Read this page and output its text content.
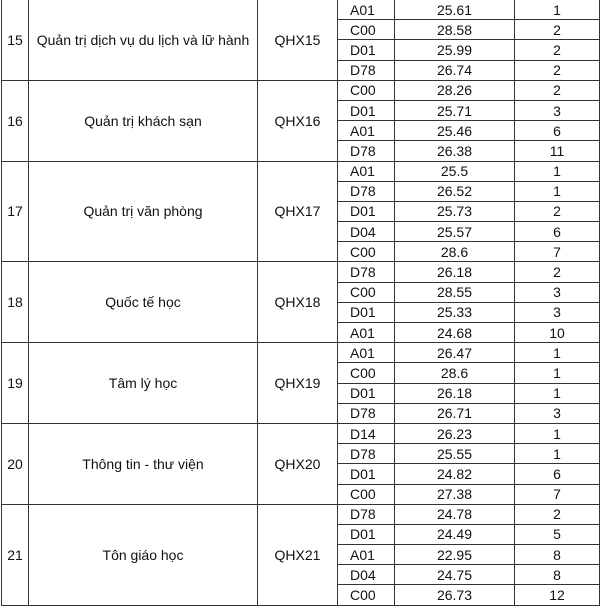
15	Quản trị dịch vụ du lịch và lữ hành	QHX15	A01	25.61	1
			C00	28.58	2
			D01	25.99	2
			D78	26.74	2
16	Quản trị khách sạn	QHX16	C00	28.26	2
			D01	25.71	3
			A01	25.46	6
			D78	26.38	11
17	Quản trị văn phòng	QHX17	A01	25.5	1
			D78	26.52	1
			D01	25.73	2
			D04	25.57	6
			C00	28.6	7
18	Quốc tế học	QHX18	D78	26.18	2
			C00	28.55	3
			D01	25.33	3
			A01	24.68	10
19	Tâm lý học	QHX19	A01	26.47	1
			C00	28.6	1
			D01	26.18	1
			D78	26.71	3
20	Thông tin - thư viện	QHX20	D14	26.23	1
			D78	25.55	1
			D01	24.82	6
			C00	27.38	7
21	Tôn giáo học	QHX21	D78	24.78	2
			D01	24.49	5
			A01	22.95	8
			D04	24.75	8
			C00	26.73	12
